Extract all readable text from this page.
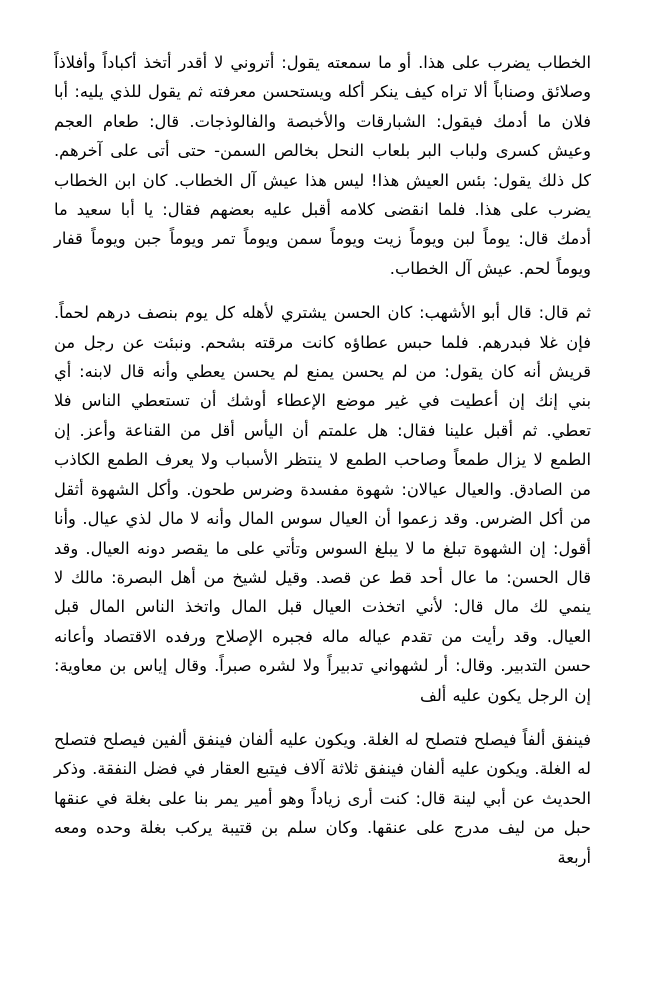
الخطاب يضرب على هذا. أو ما سمعته يقول: أتروني لا أقدر أتخذ أكباداً وأفلاذاً وصلائق وصناباً ألا تراه كيف ينكر أكله ويستحسن معرفته ثم يقول للذي يليه: أبا فلان ما أدمك فيقول: الشبارقات والأخبصة والفالوذجات. قال: طعام العجم وعيش كسرى ولباب البر بلعاب النحل بخالص السمن- حتى أتى على آخرهم. كل ذلك يقول: بئس العيش هذا! ليس هذا عيش آل الخطاب. كان ابن الخطاب يضرب على هذا. فلما انقضى كلامه أقبل عليه بعضهم فقال: يا أبا سعيد ما أدمك قال: يوماً لبن ويوماً زيت ويوماً سمن ويوماً تمر ويوماً جبن ويوماً قفار ويوماً لحم. عيش آل الخطاب.

ثم قال: قال أبو الأشهب: كان الحسن يشتري لأهله كل يوم بنصف درهم لحماً. فإن غلا فبدرهم. فلما حبس عطاؤه كانت مرقته بشحم. ونبئت عن رجل من قريش أنه كان يقول: من لم يحسن يمنع لم يحسن يعطي وأنه قال لابنه: أي بني إنك إن أعطيت في غير موضع الإعطاء أوشك أن تستعطي الناس فلا تعطي. ثم أقبل علينا فقال: هل علمتم أن اليأس أقل من القناعة وأعز. إن الطمع لا يزال طمعاً وصاحب الطمع لا ينتظر الأسباب ولا يعرف الطمع الكاذب من الصادق. والعيال عيالان: شهوة مفسدة وضرس طحون. وأكل الشهوة أثقل من أكل الضرس. وقد زعموا أن العيال سوس المال وأنه لا مال لذي عيال. وأنا أقول: إن الشهوة تبلغ ما لا يبلغ السوس وتأتي على ما يقصر دونه العيال. وقد قال الحسن: ما عال أحد قط عن قصد. وقيل لشيخ من أهل البصرة: مالك لا ينمي لك مال قال: لأني اتخذت العيال قبل المال واتخذ الناس المال قبل العيال. وقد رأيت من تقدم عياله ماله فجبره الإصلاح ورفده الاقتصاد وأعانه حسن التدبير. وقال: أر لشهواني تدبيراً ولا لشره صبراً. وقال إياس بن معاوية: إن الرجل يكون عليه ألف

فينفق ألفاً فيصلح فتصلح له الغلة. ويكون عليه ألفان فينفق ألفين فيصلح فتصلح له الغلة. ويكون عليه ألفان فينفق ثلاثة آلاف فيتبع العقار في فضل النفقة. وذكر الحديث عن أبي لينة قال: كنت أرى زياداً وهو أمير يمر بنا على بغلة في عنقها حبل من ليف مدرج على عنقها. وكان سلم بن قتيبة يركب بغلة وحده ومعه أربعة
